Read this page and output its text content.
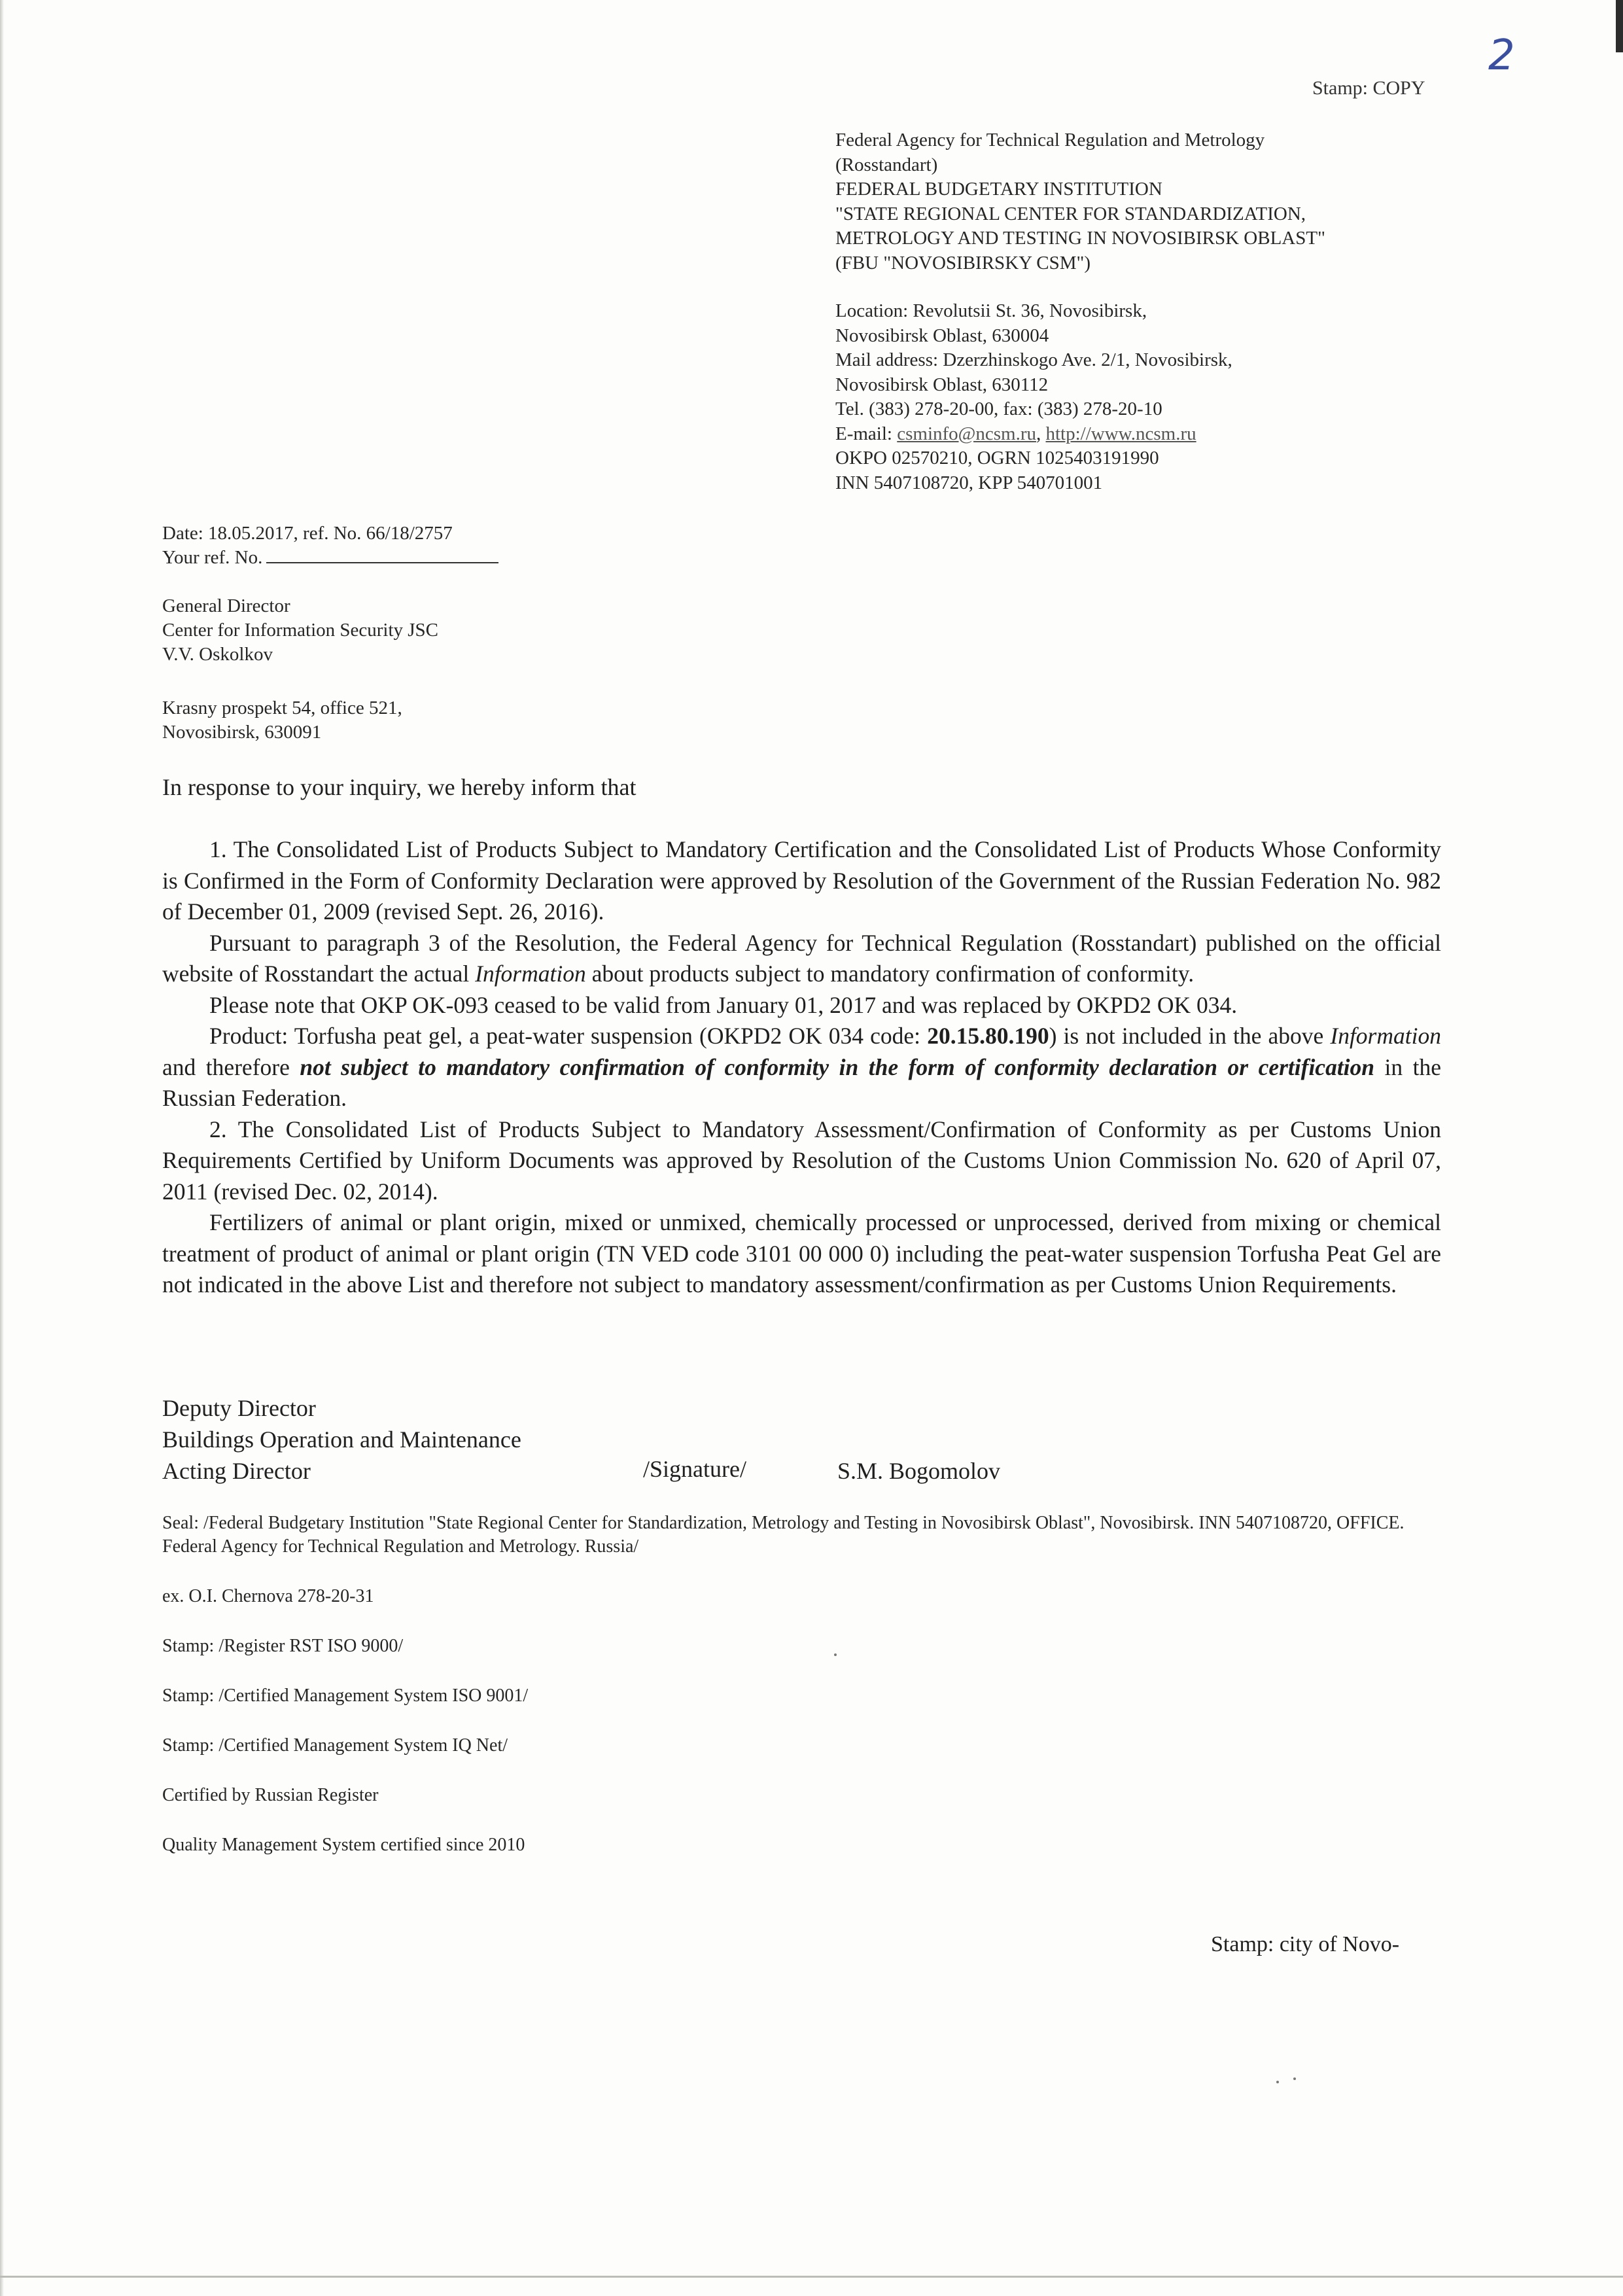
2
Stamp: COPY
Federal Agency for Technical Regulation and Metrology
(Rosstandart)
FEDERAL BUDGETARY INSTITUTION
"STATE REGIONAL CENTER FOR STANDARDIZATION,
METROLOGY AND TESTING IN NOVOSIBIRSK OBLAST"
(FBU "NOVOSIBIRSKY CSM")
Location: Revolutsii St. 36, Novosibirsk,
Novosibirsk Oblast, 630004
Mail address: Dzerzhinskogo Ave. 2/1, Novosibirsk,
Novosibirsk Oblast, 630112
Tel. (383) 278-20-00, fax: (383) 278-20-10
E-mail: csminfo@ncsm.ru, http://www.ncsm.ru
OKPO 02570210, OGRN 1025403191990
INN 5407108720, KPP 540701001
Date: 18.05.2017, ref. No. 66/18/2757
Your ref. No.
General Director
Center for Information Security JSC
V.V. Oskolkov
Krasny prospekt 54, office 521,
Novosibirsk, 630091
In response to your inquiry, we hereby inform that

1. The Consolidated List of Products Subject to Mandatory Certification and the Consolidated List of Products Whose Conformity is Confirmed in the Form of Conformity Declaration were approved by Resolution of the Government of the Russian Federation No. 982 of December 01, 2009 (revised Sept. 26, 2016).

Pursuant to paragraph 3 of the Resolution, the Federal Agency for Technical Regulation (Rosstandart) published on the official website of Rosstandart the actual Information about products subject to mandatory confirmation of conformity.

Please note that OKP OK-093 ceased to be valid from January 01, 2017 and was replaced by OKPD2 OK 034.

Product: Torfusha peat gel, a peat-water suspension (OKPD2 OK 034 code: 20.15.80.190) is not included in the above Information and therefore not subject to mandatory confirmation of conformity in the form of conformity declaration or certification in the Russian Federation.

2. The Consolidated List of Products Subject to Mandatory Assessment/Confirmation of Conformity as per Customs Union Requirements Certified by Uniform Documents was approved by Resolution of the Customs Union Commission No. 620 of April 07, 2011 (revised Dec. 02, 2014).

Fertilizers of animal or plant origin, mixed or unmixed, chemically processed or unprocessed, derived from mixing or chemical treatment of product of animal or plant origin (TN VED code 3101 00 000 0) including the peat-water suspension Torfusha Peat Gel are not indicated in the above List and therefore not subject to mandatory assessment/confirmation as per Customs Union Requirements.

Deputy Director
Buildings Operation and Maintenance
Acting Director	/Signature/	S.M. Bogomolov
Seal: /Federal Budgetary Institution "State Regional Center for Standardization, Metrology and Testing in Novosibirsk Oblast", Novosibirsk. INN 5407108720, OFFICE. Federal Agency for Technical Regulation and Metrology. Russia/
ex. O.I. Chernova 278-20-31
Stamp: /Register RST ISO 9000/
Stamp: /Certified Management System ISO 9001/
Stamp: /Certified Management System IQ Net/
Certified by Russian Register
Quality Management System certified since 2010
Stamp: city of Novo-
